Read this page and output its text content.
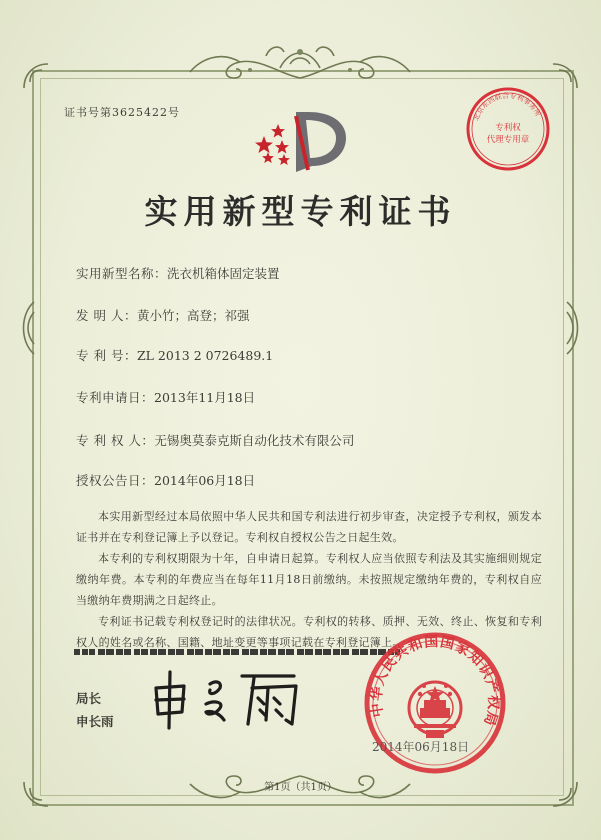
证书号第3625422号	北京东西联合专利事务所
专利权
代理专用章
实用新型专利证书
实用新型名称：洗衣机箱体固定装置
发 明 人：黄小竹；高登；祁强
专 利 号：ZL 2013 2 0726489.1
专利申请日：2013年11月18日
专 利 权 人：无锡奥莫泰克斯自动化技术有限公司
授权公告日：2014年06月18日

本实用新型经过本局依照中华人民共和国专利法进行初步审查，决定授予专利权，颁发本证书并在专利登记簿上予以登记。专利权自授权公告之日起生效。

本专利的专利权期限为十年，自申请日起算。专利权人应当依照专利法及其实施细则规定缴纳年费。本专利的年费应当在每年11月18日前缴纳。未按照规定缴纳年费的，专利权自应当缴纳年费期满之日起终止。

专利证书记载专利权登记时的法律状况。专利权的转移、质押、无效、终止、恢复和专利权人的姓名或名称、国籍、地址变更等事项记载在专利登记簿上。

局长
申长雨
中华人民共和国国家知识产权局
2014年06月18日
第1页（共1页）
